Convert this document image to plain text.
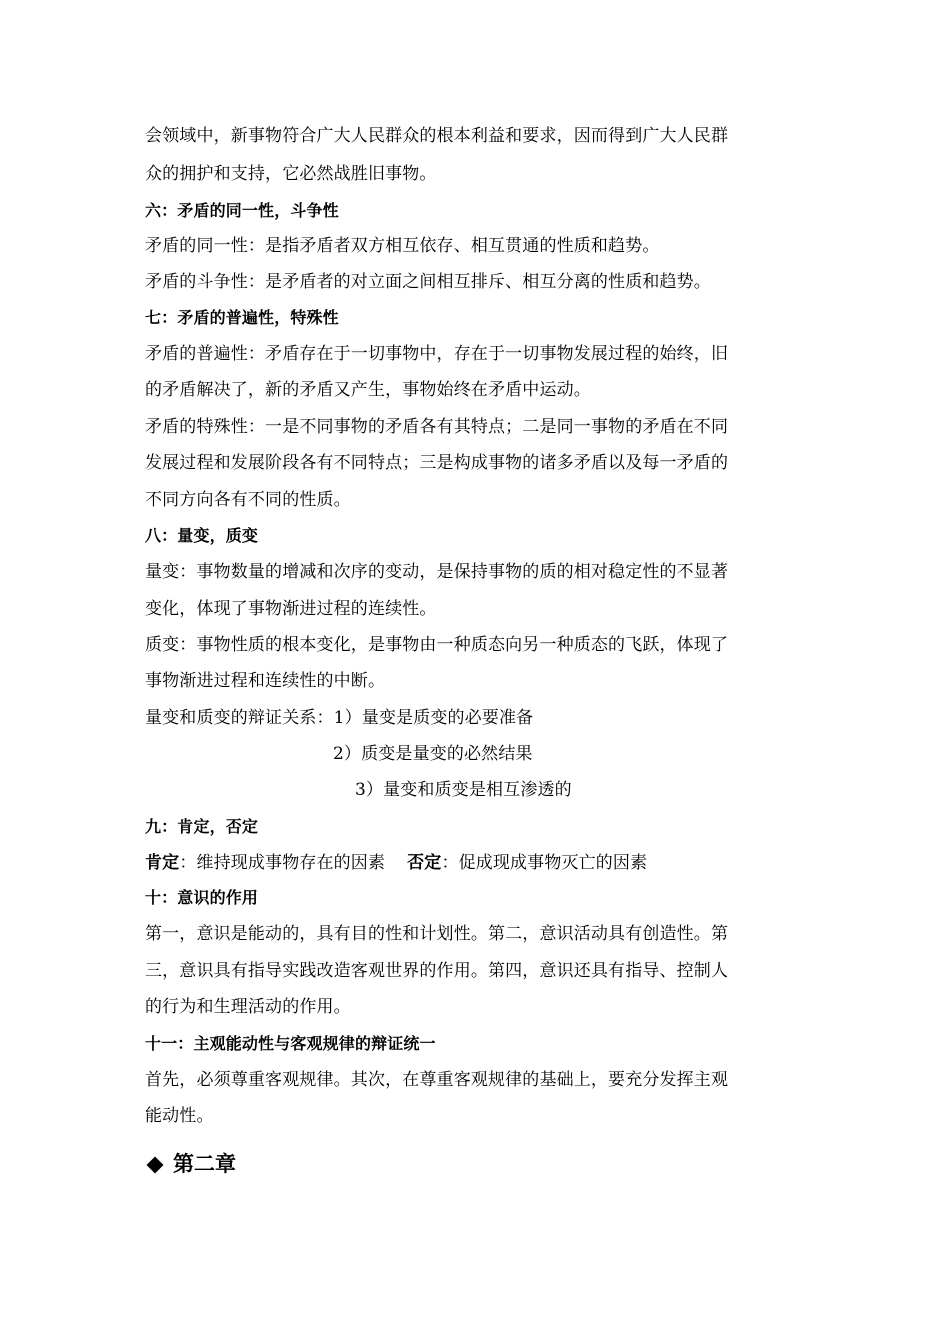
会领域中，新事物符合广大人民群众的根本利益和要求，因而得到广大人民群
众的拥护和支持，它必然战胜旧事物。
六：矛盾的同一性，斗争性
矛盾的同一性：是指矛盾者双方相互依存、相互贯通的性质和趋势。
矛盾的斗争性：是矛盾者的对立面之间相互排斥、相互分离的性质和趋势。
七：矛盾的普遍性，特殊性
矛盾的普遍性：矛盾存在于一切事物中，存在于一切事物发展过程的始终，旧
的矛盾解决了，新的矛盾又产生，事物始终在矛盾中运动。
矛盾的特殊性：一是不同事物的矛盾各有其特点；二是同一事物的矛盾在不同
发展过程和发展阶段各有不同特点；三是构成事物的诸多矛盾以及每一矛盾的
不同方向各有不同的性质。
八：量变，质变
量变：事物数量的增减和次序的变动，是保持事物的质的相对稳定性的不显著
变化，体现了事物渐进过程的连续性。
质变：事物性质的根本变化，是事物由一种质态向另一种质态的飞跃，体现了
事物渐进过程和连续性的中断。
量变和质变的辩证关系：1）量变是质变的必要准备
2）质变是量变的必然结果
3）量变和质变是相互渗透的
九：肯定，否定
肯定：维持现成事物存在的因素 否定：促成现成事物灭亡的因素
十：意识的作用
第一，意识是能动的，具有目的性和计划性。第二，意识活动具有创造性。第
三，意识具有指导实践改造客观世界的作用。第四，意识还具有指导、控制人
的行为和生理活动的作用。
十一：主观能动性与客观规律的辩证统一
首先，必须尊重客观规律。其次，在尊重客观规律的基础上，要充分发挥主观
能动性。
第二章
